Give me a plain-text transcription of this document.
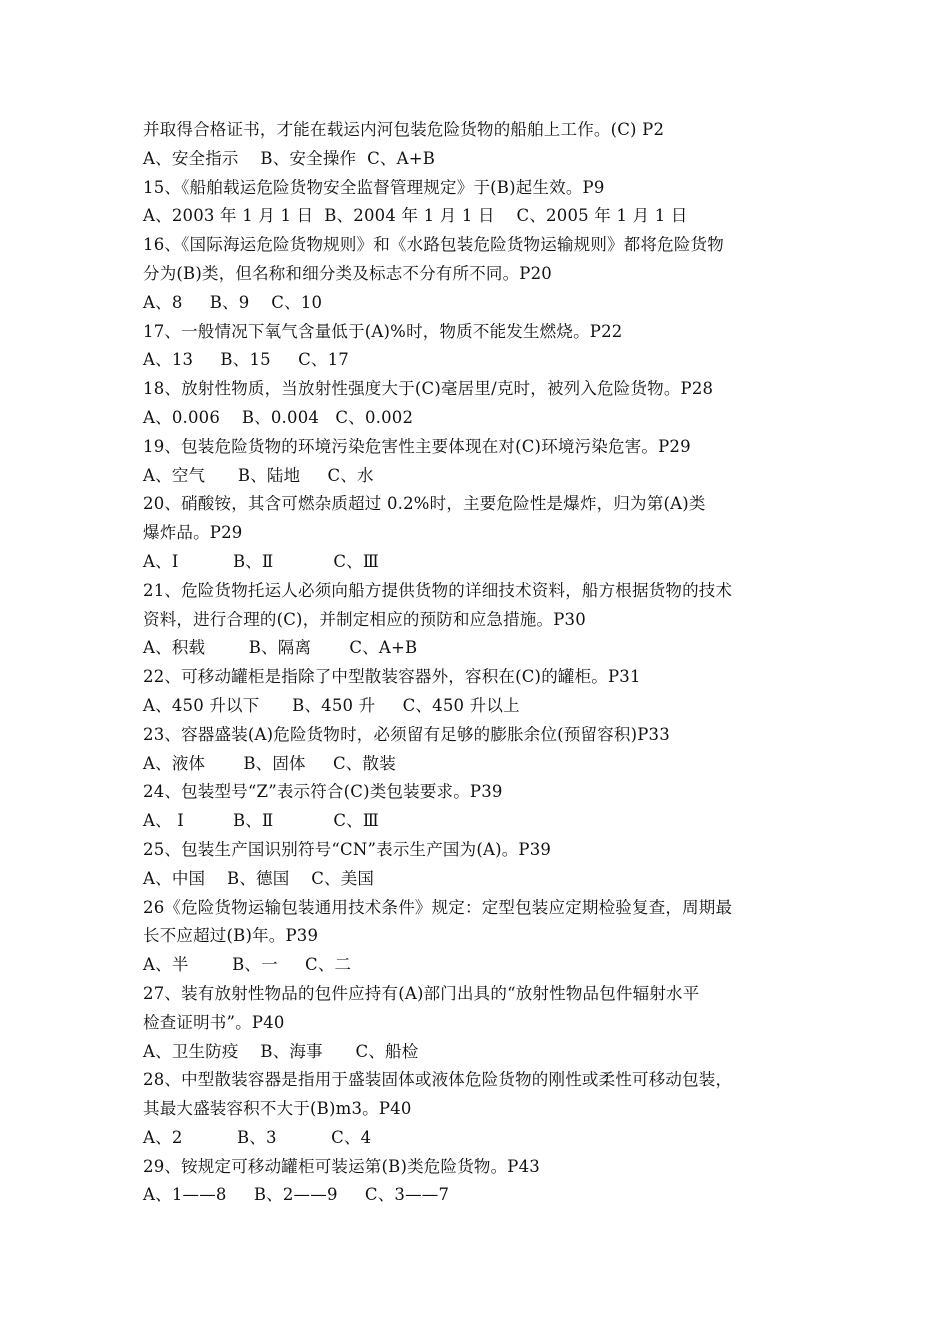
并取得合格证书，才能在载运内河包装危险货物的船舶上工作。(C) P2
A、安全指示    B、安全操作  C、A+B
15、《船舶载运危险货物安全监督管理规定》于(B)起生效。P9
A、2003 年 1 月 1 日  B、2004 年 1 月 1 日    C、2005 年 1 月 1 日
16、《国际海运危险货物规则》和《水路包装危险货物运输规则》都将危险货物
分为(B)类，但名称和细分类及标志不分有所不同。P20
A、8     B、9    C、10
17、一般情况下氧气含量低于(A)%时，物质不能发生燃烧。P22
A、13     B、15     C、17
18、放射性物质，当放射性强度大于(C)毫居里/克时，被列入危险货物。P28
A、0.006    B、0.004   C、0.002
19、包装危险货物的环境污染危害性主要体现在对(C)环境污染危害。P29
A、空气      B、陆地     C、水
20、硝酸铵，其含可燃杂质超过 0.2%时，主要危险性是爆炸，归为第(A)类
爆炸品。P29
A、Ⅰ          B、Ⅱ           C、Ⅲ
21、危险货物托运人必须向船方提供货物的详细技术资料，船方根据货物的技术
资料，进行合理的(C)，并制定相应的预防和应急措施。P30
A、积载        B、隔离       C、A+B
22、可移动罐柜是指除了中型散装容器外，容积在(C)的罐柜。P31
A、450 升以下      B、450 升     C、450 升以上
23、容器盛装(A)危险货物时，必须留有足够的膨胀余位(预留容积)P33
A、液体       B、固体     C、散装
24、包装型号“Z”表示符合(C)类包装要求。P39
A、 Ⅰ         B、Ⅱ           C、Ⅲ
25、包装生产国识别符号“CN”表示生产国为(A)。P39
A、中国    B、德国    C、美国
26《危险货物运输包装通用技术条件》规定：定型包装应定期检验复查，周期最
长不应超过(B)年。P39
A、半        B、一     C、二
27、装有放射性物品的包件应持有(A)部门出具的“放射性物品包件辐射水平
检查证明书”。P40
A、卫生防疫    B、海事      C、船检
28、中型散装容器是指用于盛装固体或液体危险货物的刚性或柔性可移动包装，
其最大盛装容积不大于(B)m3。P40
A、2          B、3          C、4
29、铵规定可移动罐柜可装运第(B)类危险货物。P43
A、1——8     B、2——9     C、3——7
